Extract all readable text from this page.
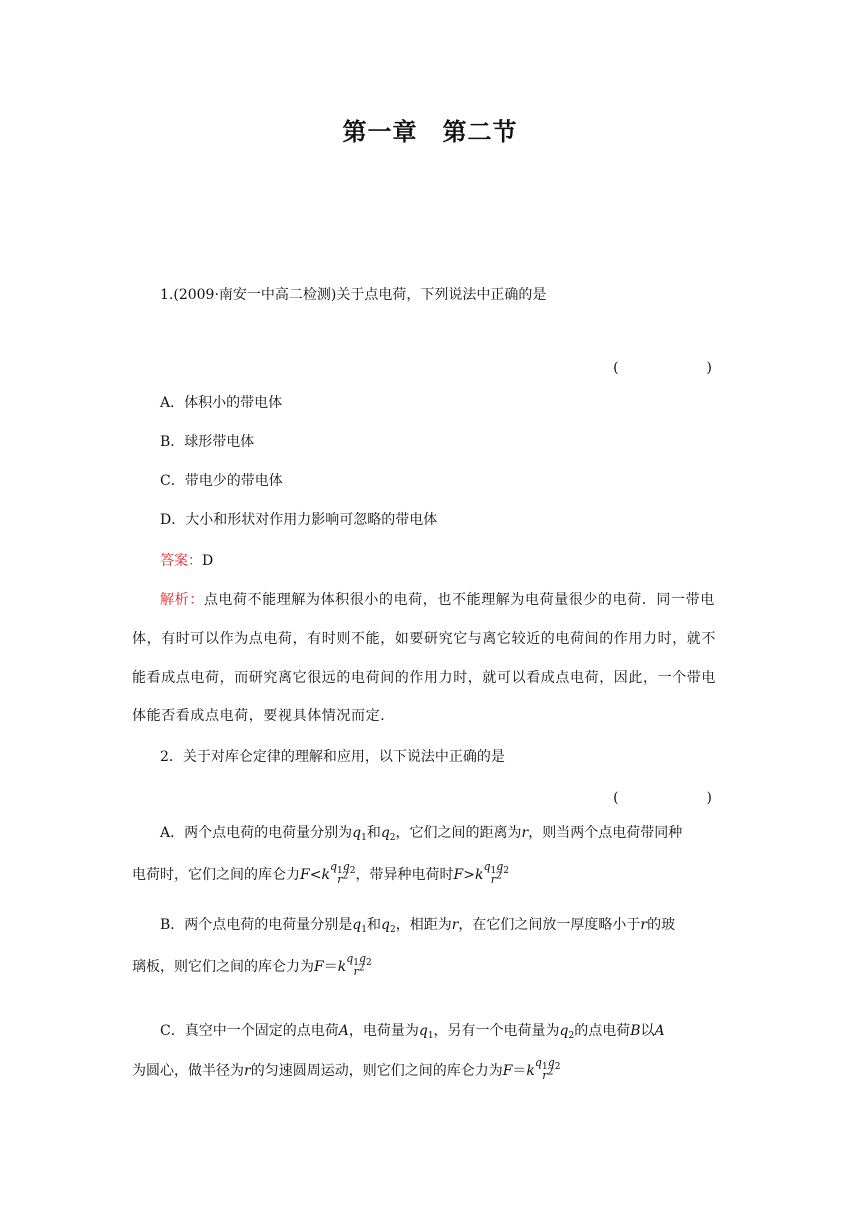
第一章　第二节
1.(2009·南安一中高二检测)关于点电荷，下列说法中正确的是
(　　)
A．体积小的带电体
B．球形带电体
C．带电少的带电体
D．大小和形状对作用力影响可忽略的带电体
答案：D
解析：点电荷不能理解为体积很小的电荷，也不能理解为电荷量很少的电荷．同一带电
体，有时可以作为点电荷，有时则不能，如要研究它与离它较近的电荷间的作用力时，就不
能看成点电荷，而研究离它很远的电荷间的作用力时，就可以看成点电荷，因此，一个带电
体能否看成点电荷，要视具体情况而定．
2．关于对库仑定律的理解和应用，以下说法中正确的是
(　　)
A．两个点电荷的电荷量分别为$q_1$和$q_2$，它们之间的距离为r，则当两个点电荷带同种
电荷时，它们之间的库仑力F<k
$q_1q_2$
$r^2$ ，带异种电荷时F>k
$q_1q_2$
$r^2$
B．两个点电荷的电荷量分别是$q_1$和$q_2$，相距为r，在它们之间放一厚度略小于r的玻
璃板，则它们之间的库仑力为F＝k
$q_1q_2$
$r^2$
C．真空中一个固定的点电荷A，电荷量为$q_1$，另有一个电荷量为$q_2$的点电荷B以A
为圆心，做半径为r的匀速圆周运动，则它们之间的库仑力为F＝k
$q_1q_2$
$r^2$
